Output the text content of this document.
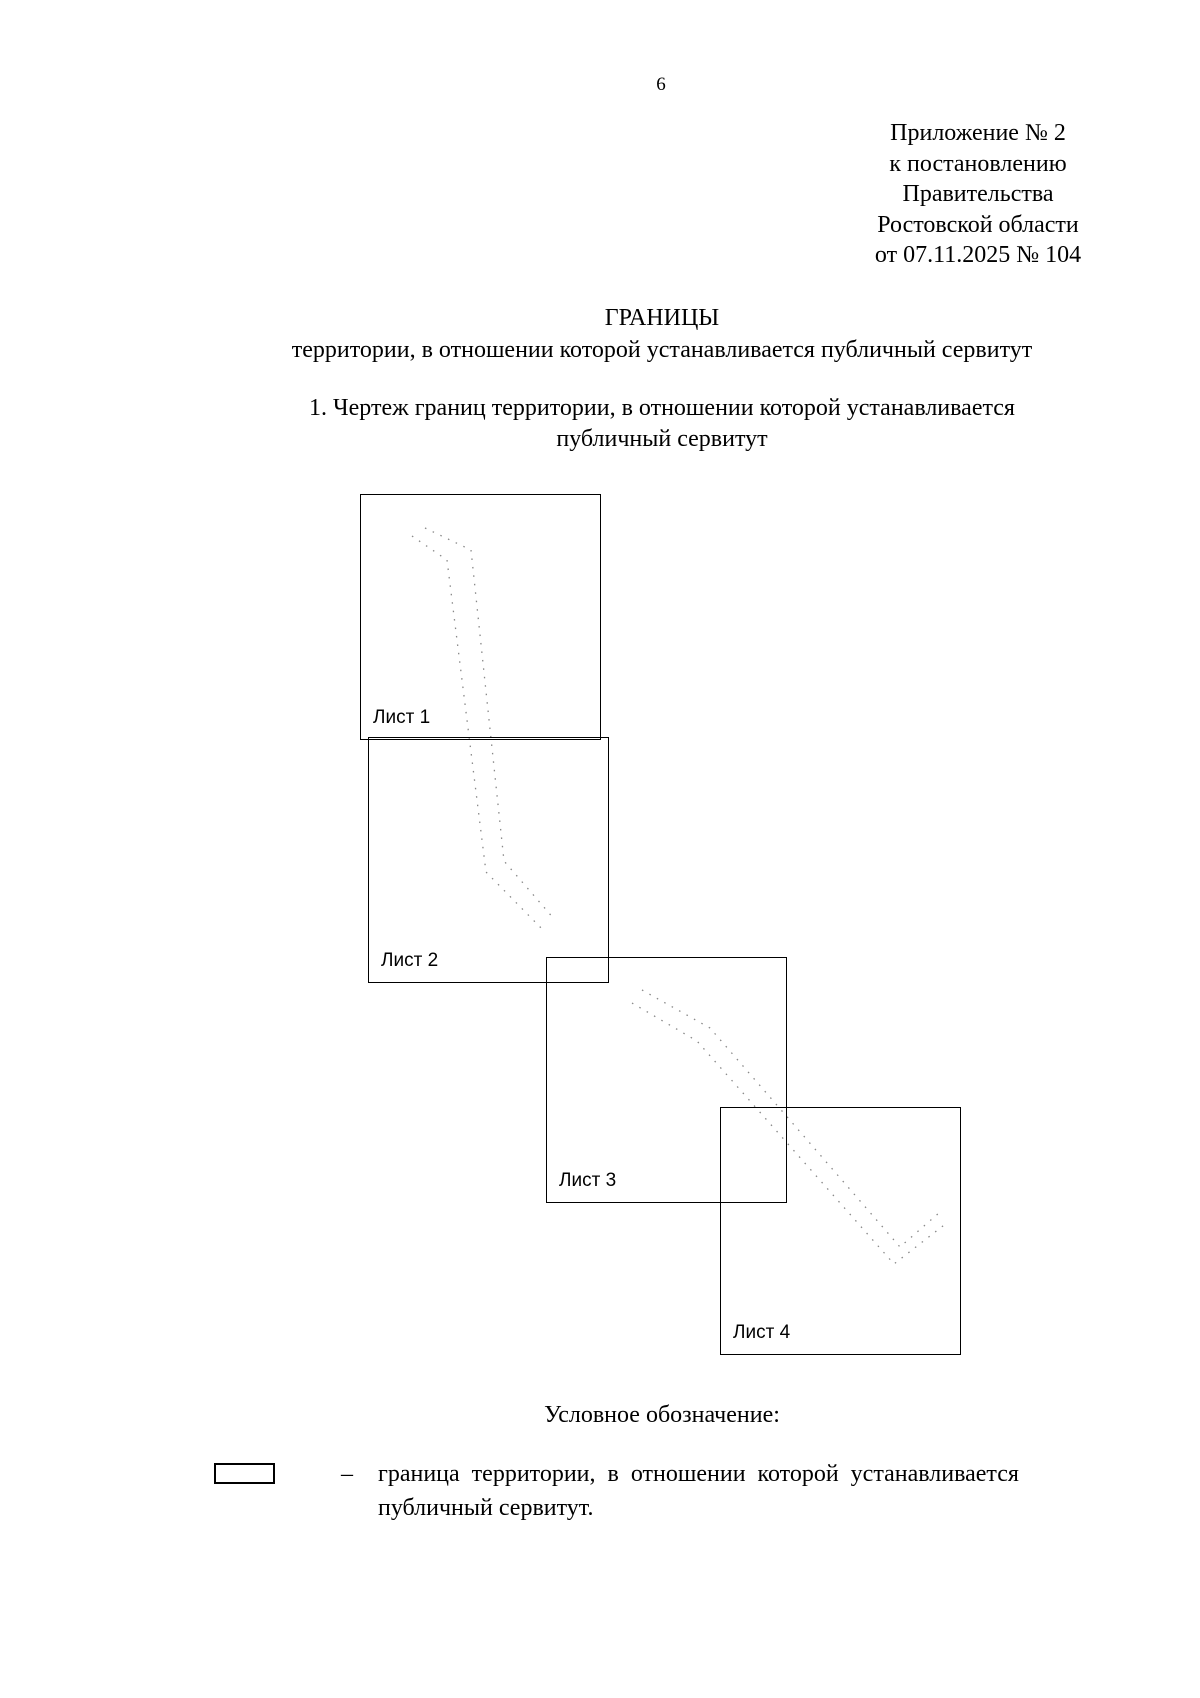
6
Приложение № 2
к постановлению
Правительства
Ростовской области
от 07.11.2025 № 104
ГРАНИЦЫ
территории, в отношении которой устанавливается публичный сервитут
1. Чертеж границ территории, в отношении которой устанавливается
публичный сервитут
Лист 1
Лист 2
Лист 3
Лист 4
Условное обозначение:
– граница территории, в отношении которой устанавливается
публичный сервитут.
